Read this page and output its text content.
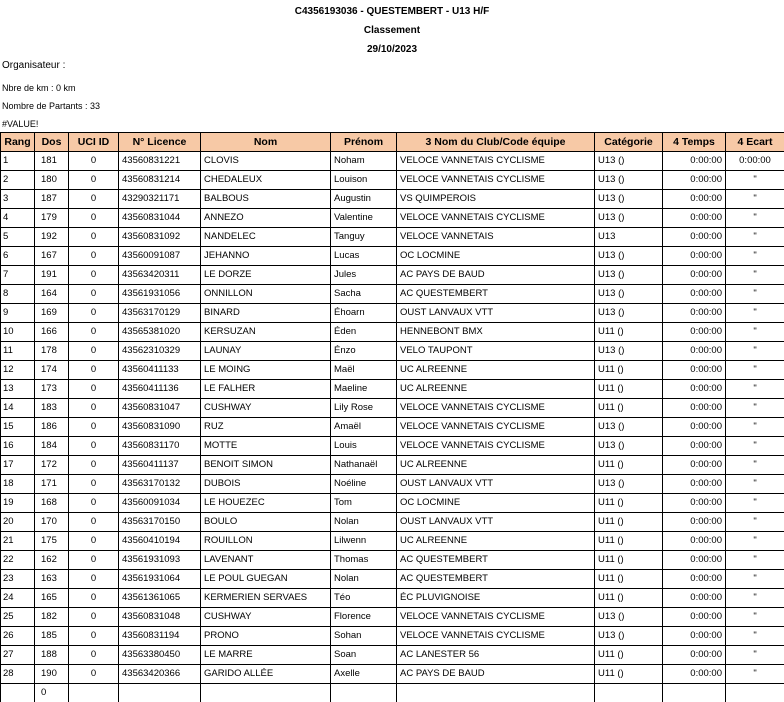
C4356193036 - QUESTEMBERT - U13 H/F
Classement
29/10/2023
Organisateur :
Nbre de km : 0 km
Nombre de Partants : 33
#VALUE!
Rang	Dos	UCI ID	N° Licence	Nom	Prénom	3 Nom du Club/Code équipe	Catégorie	4 Temps	4 Ecart
1	181	0	43560831221	CLOVIS	Noham	VELOCE VANNETAIS CYCLISME	U13 ()	0:00:00	0:00:00
2	180	0	43560831214	CHEDALEUX	Louison	VELOCE VANNETAIS CYCLISME	U13 ()	0:00:00	"
3	187	0	43290321171	BALBOUS	Augustin	VS QUIMPEROIS	U13 ()	0:00:00	"
4	179	0	43560831044	ANNEZO	Valentine	VELOCE VANNETAIS CYCLISME	U13 ()	0:00:00	"
5	192	0	43560831092	NANDELEC	Tanguy	VELOCE VANNETAIS	U13	0:00:00	"
6	167	0	43560091087	JEHANNO	Lucas	OC LOCMINE	U13 ()	0:00:00	"
7	191	0	43563420311	LE DORZE	Jules	AC PAYS DE BAUD	U13 ()	0:00:00	"
8	164	0	43561931056	ONNILLON	Sacha	AC QUESTEMBERT	U13 ()	0:00:00	"
9	169	0	43563170129	BINARD	Éhoarn	OUST LANVAUX VTT	U13 ()	0:00:00	"
10	166	0	43565381020	KERSUZAN	Éden	HENNEBONT BMX	U11 ()	0:00:00	"
11	178	0	43562310329	LAUNAY	Énzo	VELO TAUPONT	U13 ()	0:00:00	"
12	174	0	43560411133	LE MOING	Maël	UC ALREENNE	U11 ()	0:00:00	"
13	173	0	43560411136	LE FALHER	Maeline	UC ALREENNE	U11 ()	0:00:00	"
14	183	0	43560831047	CUSHWAY	Lily Rose	VELOCE VANNETAIS CYCLISME	U11 ()	0:00:00	"
15	186	0	43560831090	RUZ	Amaël	VELOCE VANNETAIS CYCLISME	U13 ()	0:00:00	"
16	184	0	43560831170	MOTTE	Louis	VELOCE VANNETAIS CYCLISME	U13 ()	0:00:00	"
17	172	0	43560411137	BENOIT SIMON	Nathanaël	UC ALREENNE	U11 ()	0:00:00	"
18	171	0	43563170132	DUBOIS	Noéline	OUST LANVAUX VTT	U13 ()	0:00:00	"
19	168	0	43560091034	LE HOUEZEC	Tom	OC LOCMINE	U11 ()	0:00:00	"
20	170	0	43563170150	BOULO	Nolan	OUST LANVAUX VTT	U11 ()	0:00:00	"
21	175	0	43560410194	ROUILLON	Lilwenn	UC ALREENNE	U11 ()	0:00:00	"
22	162	0	43561931093	LAVENANT	Thomas	AC QUESTEMBERT	U11 ()	0:00:00	"
23	163	0	43561931064	LE POUL GUEGAN	Nolan	AC QUESTEMBERT	U11 ()	0:00:00	"
24	165	0	43561361065	KERMERIEN SERVAES	Téo	ÉC PLUVIGNOISE	U11 ()	0:00:00	"
25	182	0	43560831048	CUSHWAY	Florence	VELOCE VANNETAIS CYCLISME	U13 ()	0:00:00	"
26	185	0	43560831194	PRONO	Sohan	VELOCE VANNETAIS CYCLISME	U13 ()	0:00:00	"
27	188	0	43563380450	LE MARRE	Soan	AC LANESTER 56	U11 ()	0:00:00	"
28	190	0	43563420366	GARIDO ALLÉE	Axelle	AC PAYS DE BAUD	U11 ()	0:00:00	"
	0								
